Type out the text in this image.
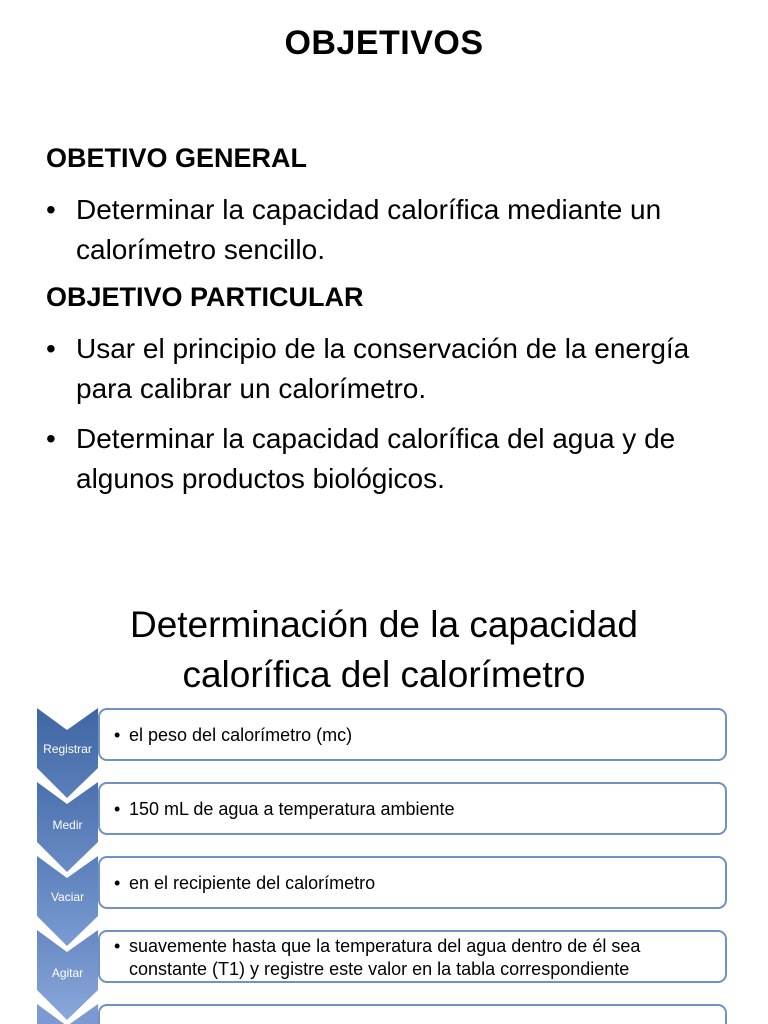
OBJETIVOS
OBETIVO GENERAL
• Determinar la capacidad calorífica mediante un calorímetro sencillo.
OBJETIVO PARTICULAR
• Usar el principio de la conservación de la energía para calibrar un calorímetro.
• Determinar la capacidad calorífica del agua y de algunos productos biológicos.
Determinación de la capacidad
calorífica del calorímetro
Registrar
• el peso del calorímetro (mc)
Medir
• 150 mL de agua a temperatura ambiente
Vaciar
• en el recipiente del calorímetro
Agitar
• suavemente hasta que la temperatura del agua dentro de él sea constante (T1) y registre este valor en la tabla correspondiente
